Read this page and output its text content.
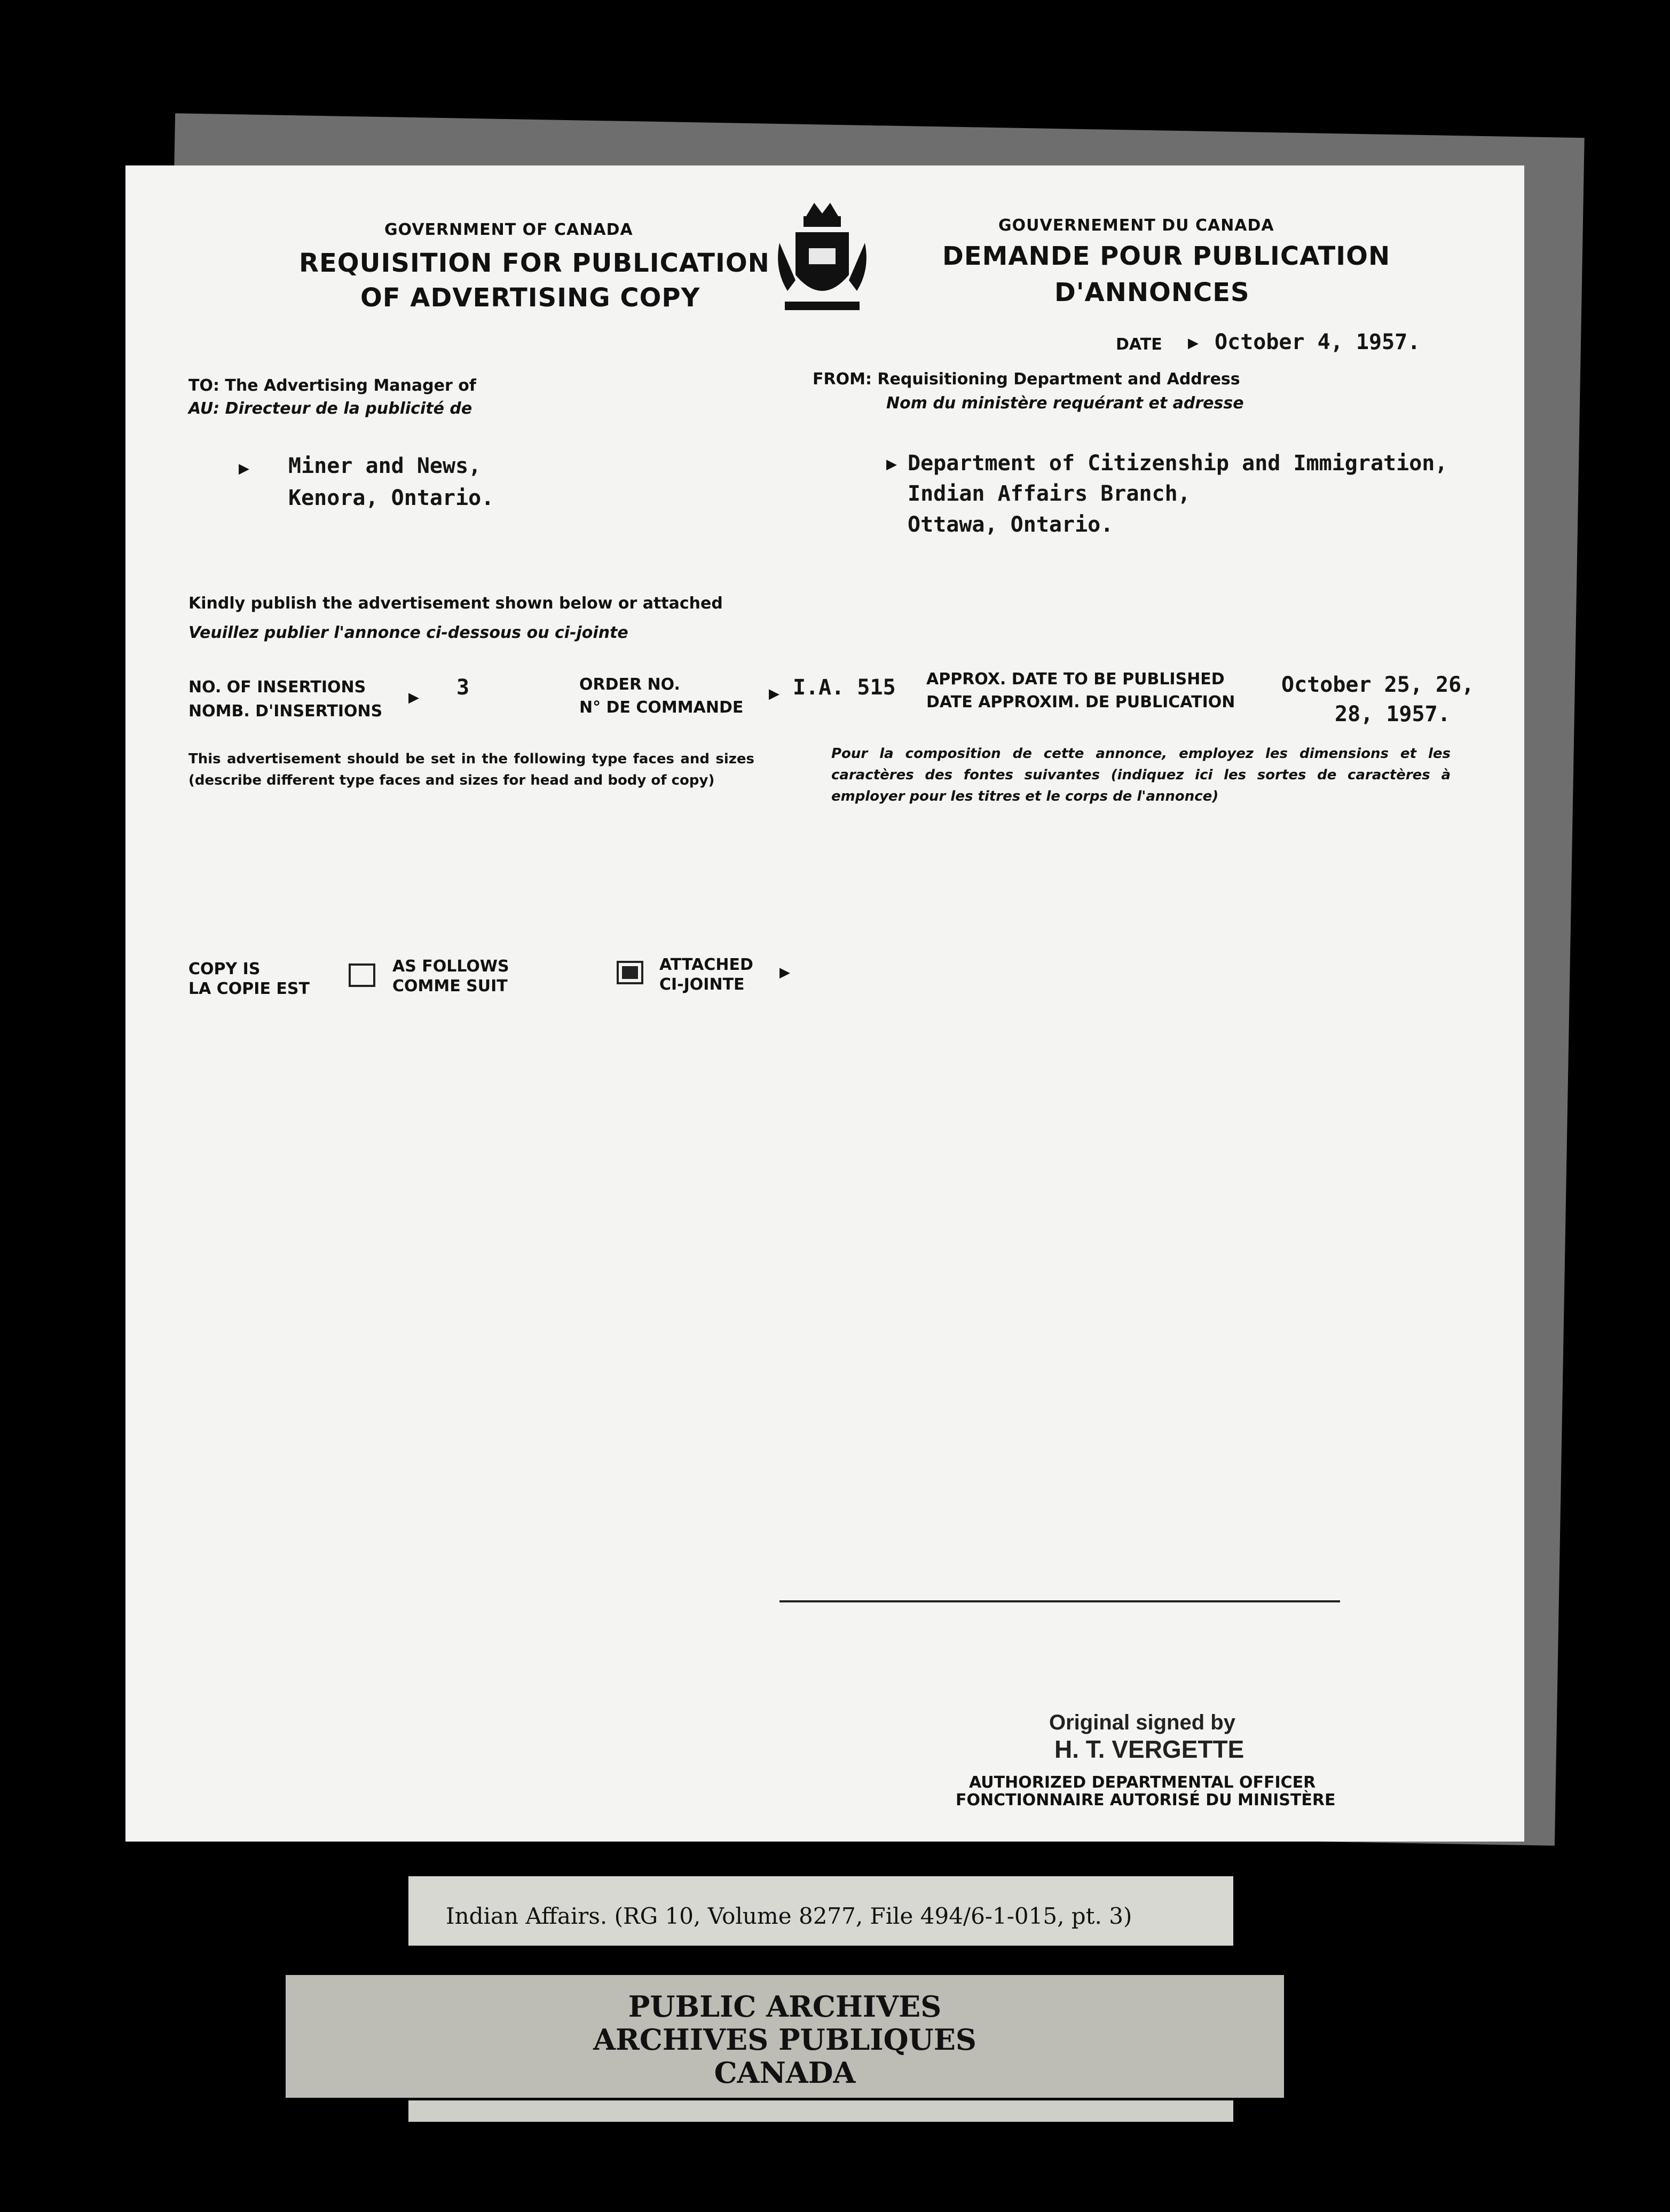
GOVERNMENT OF CANADA
REQUISITION FOR PUBLICATION
OF ADVERTISING COPY
GOUVERNEMENT DU CANADA
DEMANDE POUR PUBLICATION
D'ANNONCES
DATE ▶ October 4, 1957.
TO: The Advertising Manager of
AU: Directeur de la publicité de
▶ Miner and News,
Kenora, Ontario.
FROM: Requisitioning Department and Address
Nom du ministère requérant et adresse
▶ Department of Citizenship and Immigration,
Indian Affairs Branch,
Ottawa, Ontario.
Kindly publish the advertisement shown below or attached
Veuillez publier l'annonce ci-dessous ou ci-jointe
NO. OF INSERTIONS
NOMB. D'INSERTIONS
▶ 3	ORDER NO.
N° DE COMMANDE
▶ I.A. 515 APPROX. DATE TO BE PUBLISHED
DATE APPROXIM. DE PUBLICATION
October 25, 26,
28, 1957.
This advertisement should be set in the following type faces and sizes (describe different type faces and sizes for head and body of copy)
Pour la composition de cette annonce, employez les dimensions et les caractères des fontes suivantes (indiquez ici les sortes de caractères à employer pour les titres et le corps de l'annonce)
COPY IS
LA COPIE EST
AS FOLLOWS
COMME SUIT
ATTACHED
CI-JOINTE
▶
Original signed by
H. T. VERGETTE
AUTHORIZED DEPARTMENTAL OFFICER
FONCTIONNAIRE AUTORISÉ DU MINISTÈRE
Indian Affairs. (RG 10, Volume 8277, File 494/6-1-015, pt. 3)
PUBLIC ARCHIVES
ARCHIVES PUBLIQUES
CANADA
